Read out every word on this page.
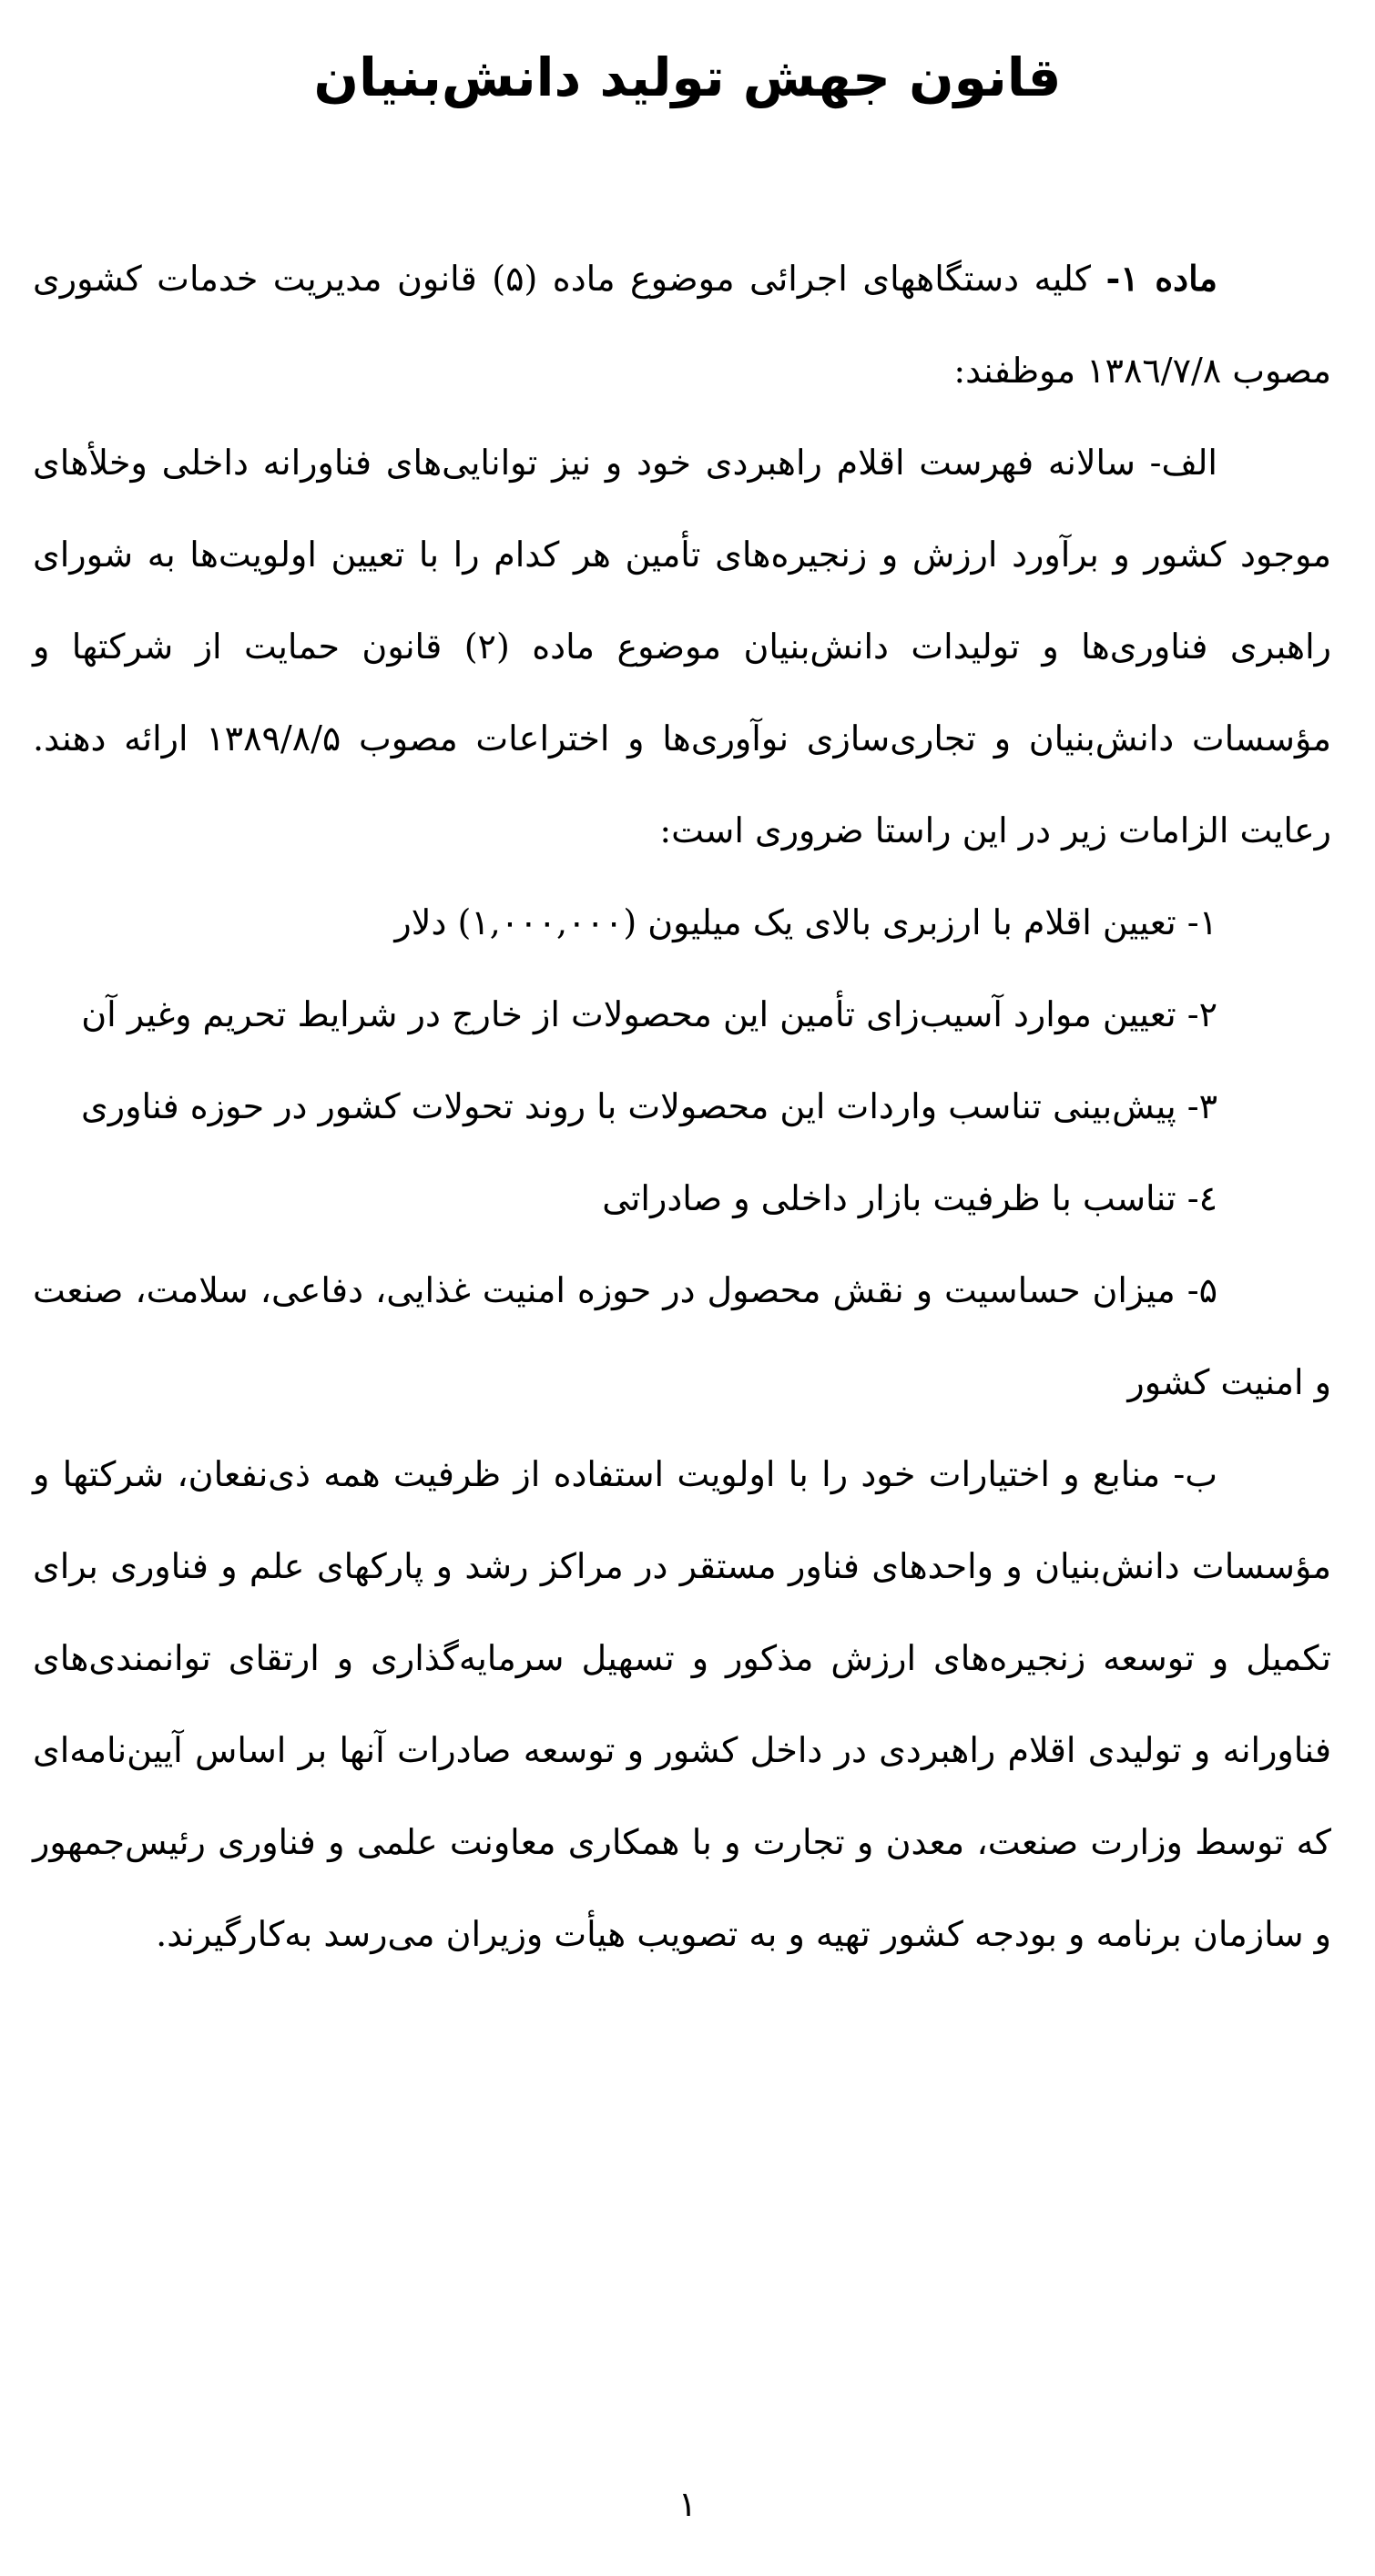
قانون جهش تولید دانش‌بنیان

ماده ۱- کلیه دستگاههای اجرائی موضوع ماده (۵) قانون مدیریت خدمات کشوری مصوب ۱۳۸٦/۷/۸ موظفند:

الف- سالانه فهرست اقلام راهبردی خود و نیز توانایی‌های فناورانه داخلی وخلأهای موجود کشور و برآورد ارزش و زنجیره‌های تأمین هر کدام را با تعیین اولویت‌ها به شورای راهبری فناوری‌ها و تولیدات دانش‌بنیان موضوع ماده (۲) قانون حمایت از شرکتها و مؤسسات دانش‌بنیان و تجاری‌سازی نوآوری‌ها و اختراعات مصوب ۱۳۸۹/۸/۵ ارائه دهند. رعایت الزامات زیر در این راستا ضروری است:

۱- تعیین اقلام با ارزبری بالای یک میلیون (۱,۰۰۰,۰۰۰) دلار

۲- تعیین موارد آسیب‌زای تأمین این محصولات از خارج در شرایط تحریم وغیر آن

۳- پیش‌بینی تناسب واردات این محصولات با روند تحولات کشور در حوزه فناوری

٤- تناسب با ظرفیت بازار داخلی و صادراتی

۵- میزان حساسیت و نقش محصول در حوزه امنیت غذایی، دفاعی، سلامت، صنعت و امنیت کشور

ب- منابع و اختیارات خود را با اولویت استفاده از ظرفیت همه ذی‌نفعان، شرکتها و مؤسسات دانش‌بنیان و واحدهای فناور مستقر در مراکز رشد و پارکهای علم و فناوری برای تکمیل و توسعه زنجیره‌های ارزش مذکور و تسهیل سرمایه‌گذاری و ارتقای توانمندی‌های فناورانه و تولیدی اقلام راهبردی در داخل کشور و توسعه صادرات آنها بر اساس آیین‌نامه‌ای که توسط وزارت صنعت، معدن و تجارت و با همکاری معاونت علمی و فناوری رئیس‌جمهور و سازمان برنامه و بودجه کشور تهیه و به تصویب هیأت وزیران می‌رسد به‌کارگیرند.

۱
